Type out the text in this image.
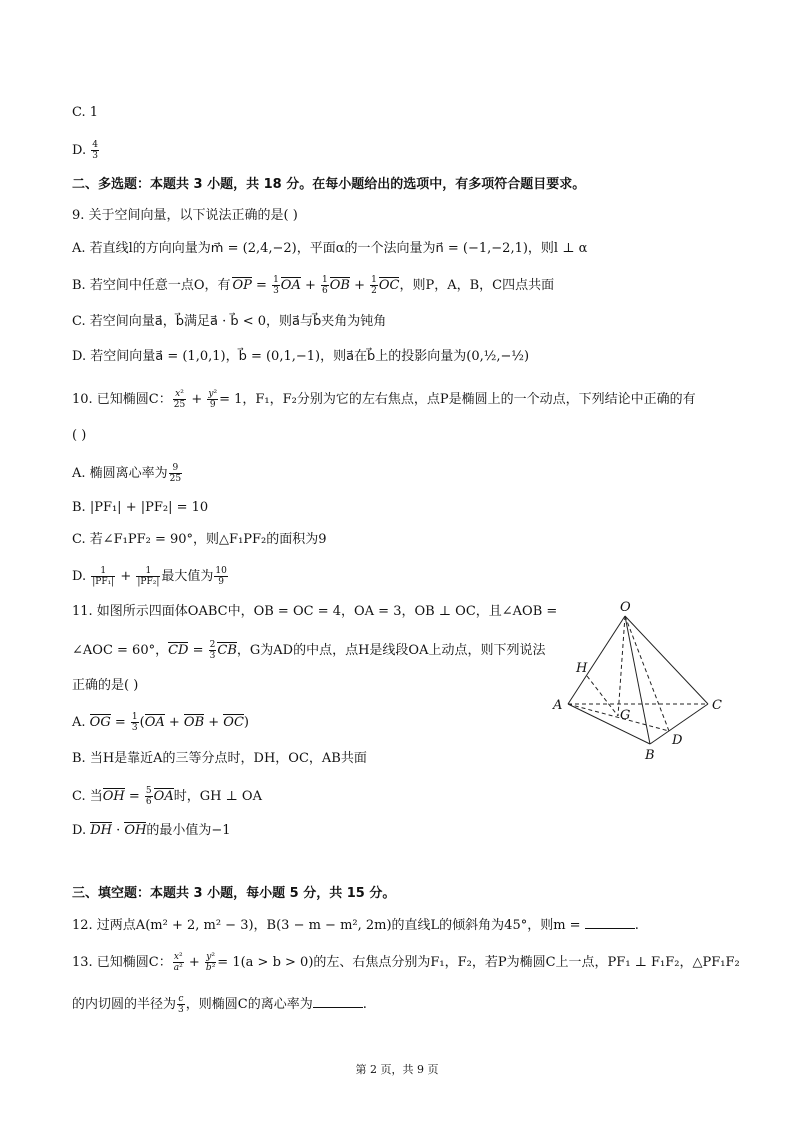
C. 1
D. $\frac{4}{3}$
二、多选题：本题共 3 小题，共 18 分。在每小题给出的选项中，有多项符合题目要求。
9. 关于空间向量，以下说法正确的是( )
A. 若直线l的方向向量为m⃗ = (2,4,−2)，平面α的一个法向量为n⃗ = (−1,−2,1)，则l ⊥ α
B. 若空间中任意一点O，有 OP = $\frac{1}{3}$ OA + $\frac{1}{6}$ OB + $\frac{1}{2}$ OC，则P，A，B，C四点共面
C. 若空间向量a⃗，b⃗满足a⃗ · b⃗ < 0，则a⃗与b⃗夹角为钝角
D. 若空间向量a⃗ = (1,0,1)，b⃗ = (0,1,−1)，则a⃗在b⃗上的投影向量为(0,½,−½)
10. 已知椭圆C： $\frac{\text{x²}}{25} + \frac{\text{y²}}{9} = 1$，F₁，F₂分别为它的左右焦点，点P是椭圆上的一个动点，下列结论中正确的有
( )
A. 椭圆离心率为 $\frac{9}{25}$
B. |PF₁| + |PF₂| = 10
C. 若∠F₁PF₂ = 90°，则△F₁PF₂的面积为9
D. $\frac{1}{\text{|PF₁|}} + \frac{1}{\text{|PF₂|}}$ 最大值为 $\frac{10}{9}$
11. 如图所示四面体OABC中，OB = OC = 4，OA = 3，OB ⊥ OC，且∠AOB =
∠AOC = 60°，CD = $\frac{2}{3}$ CB，G为AD的中点，点H是线段OA上动点，则下列说法
正确的是( )
A. OG = $\frac{1}{3} (OA$ + OB + OC)
B. 当H是靠近A的三等分点时，DH，OC，AB共面
C. 当OH = $\frac{5}{6}$ OA时，GH ⊥ OA
D. DH · OH的最小值为−1
O
H
A
G
C
D
B
三、填空题：本题共 3 小题，每小题 5 分，共 15 分。
12. 过两点A(m² + 2, m² − 3)，B(3 − m − m², 2m)的直线L的倾斜角为45°，则m =	.
13. 已知椭圆C： $\frac{\text{x²}}{\text{a²}} + \frac{\text{y²}}{\text{b²}} = 1(a > b > 0)$的左、右焦点分别为F₁，F₂，若P为椭圆C上一点，PF₁ ⊥ F₁F₂，△PF₁F₂
的内切圆的半径为 $\frac{c}{3}$ ，则椭圆C的离心率为	.
第 2 页，共 9 页
